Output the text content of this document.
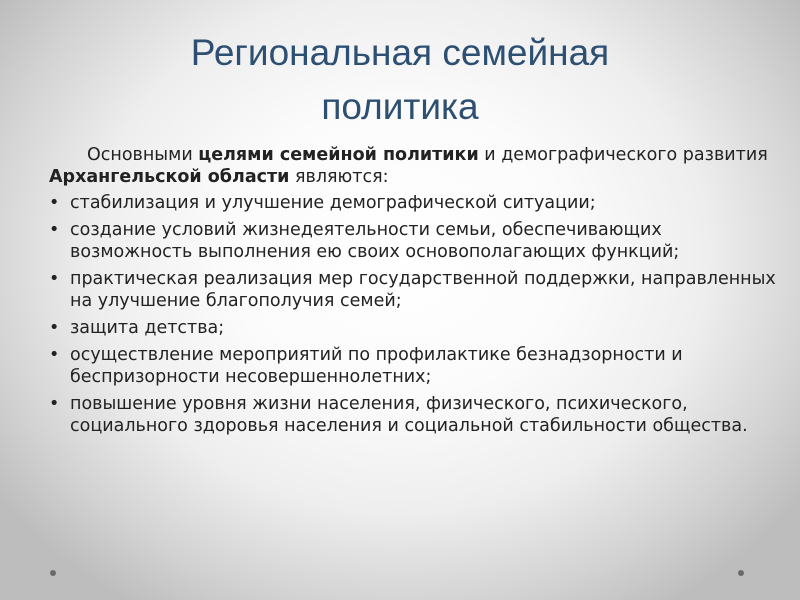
Региональная семейная
политика

Основными целями семейной политики и демографического развития Архангельской области являются:

• стабилизация и улучшение демографической ситуации;
• создание условий жизнедеятельности семьи, обеспечивающих возможность выполнения ею своих основополагающих функций;
• практическая реализация мер государственной поддержки, направленных на улучшение благополучия семей;
• защита детства;
• осуществление мероприятий по профилактике безнадзорности и беспризорности несовершеннолетних;
• повышение уровня жизни населения, физического, психического, социального здоровья населения и социальной стабильности общества.
